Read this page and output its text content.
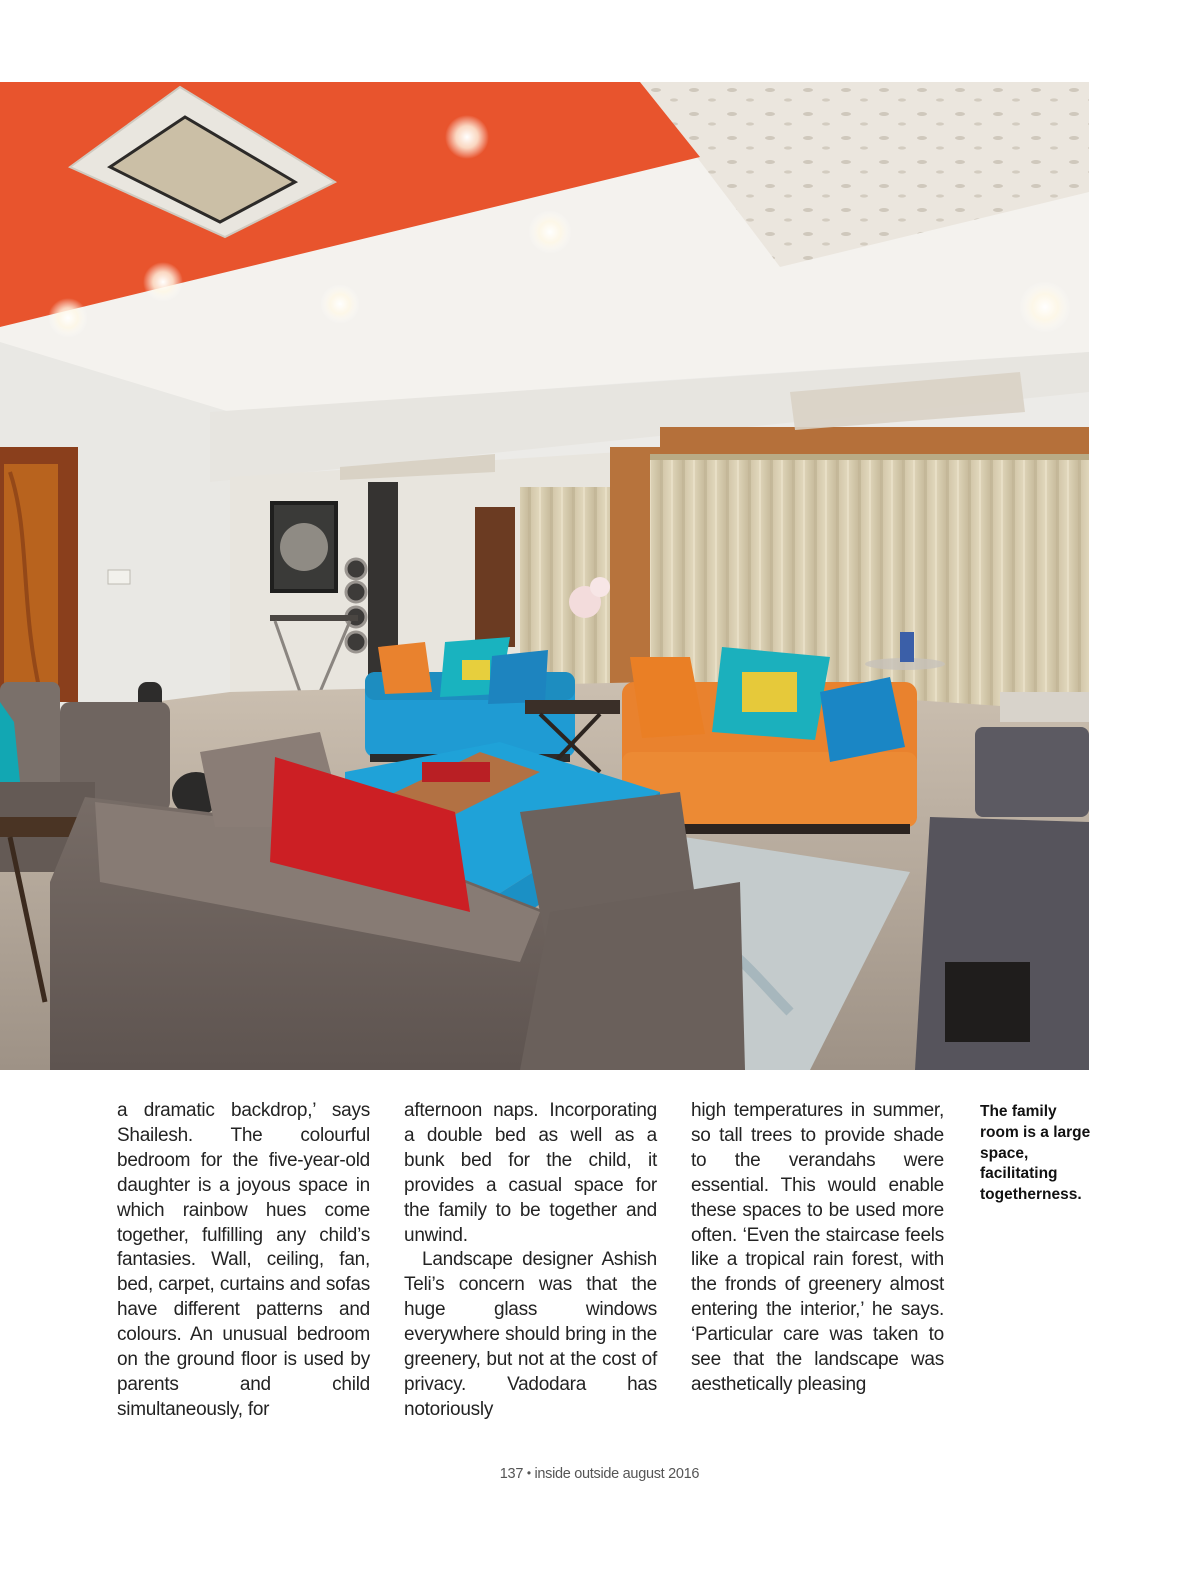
a dramatic backdrop,’ says Shailesh. The colourful bedroom for the five-year-old daughter is a joyous space in which rainbow hues come together, fulfilling any child’s fantasies. Wall, ceiling, fan, bed, carpet, curtains and sofas have different patterns and colours. An unusual bedroom on the ground floor is used by parents and child simultaneously, for

afternoon naps. Incorporating a double bed as well as a bunk bed for the child, it provides a casual space for the family to be together and unwind.

Landscape designer Ashish Teli’s concern was that the huge glass windows everywhere should bring in the greenery, but not at the cost of privacy. Vadodara has notoriously

high temperatures in summer, so tall trees to provide shade to the verandahs were essential. This would enable these spaces to be used more often. ‘Even the staircase feels like a tropical rain forest, with the fronds of greenery almost entering the interior,’ he says. ‘Particular care was taken to see that the landscape was aesthetically pleasing

The family room is a large space, facilitating togetherness.

137 • inside outside august 2016
